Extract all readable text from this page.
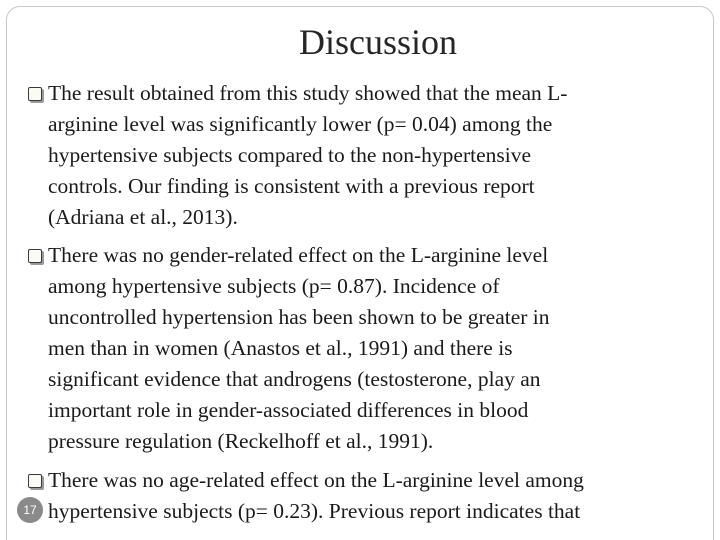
Discussion
The result obtained from this study showed that the mean L-
arginine level was significantly lower (p= 0.04) among the
hypertensive subjects compared to the non-hypertensive
controls. Our finding is consistent with a previous report
(Adriana et al., 2013).
There was no gender-related effect on the L-arginine level
among hypertensive subjects (p= 0.87). Incidence of
uncontrolled hypertension has been shown to be greater in
men than in women (Anastos et al., 1991) and there is
significant evidence that androgens (testosterone, play an
important role in gender-associated differences in blood
pressure regulation (Reckelhoff et al., 1991).
There was no age-related effect on the L-arginine level among
hypertensive subjects (p= 0.23). Previous report indicates that
17
